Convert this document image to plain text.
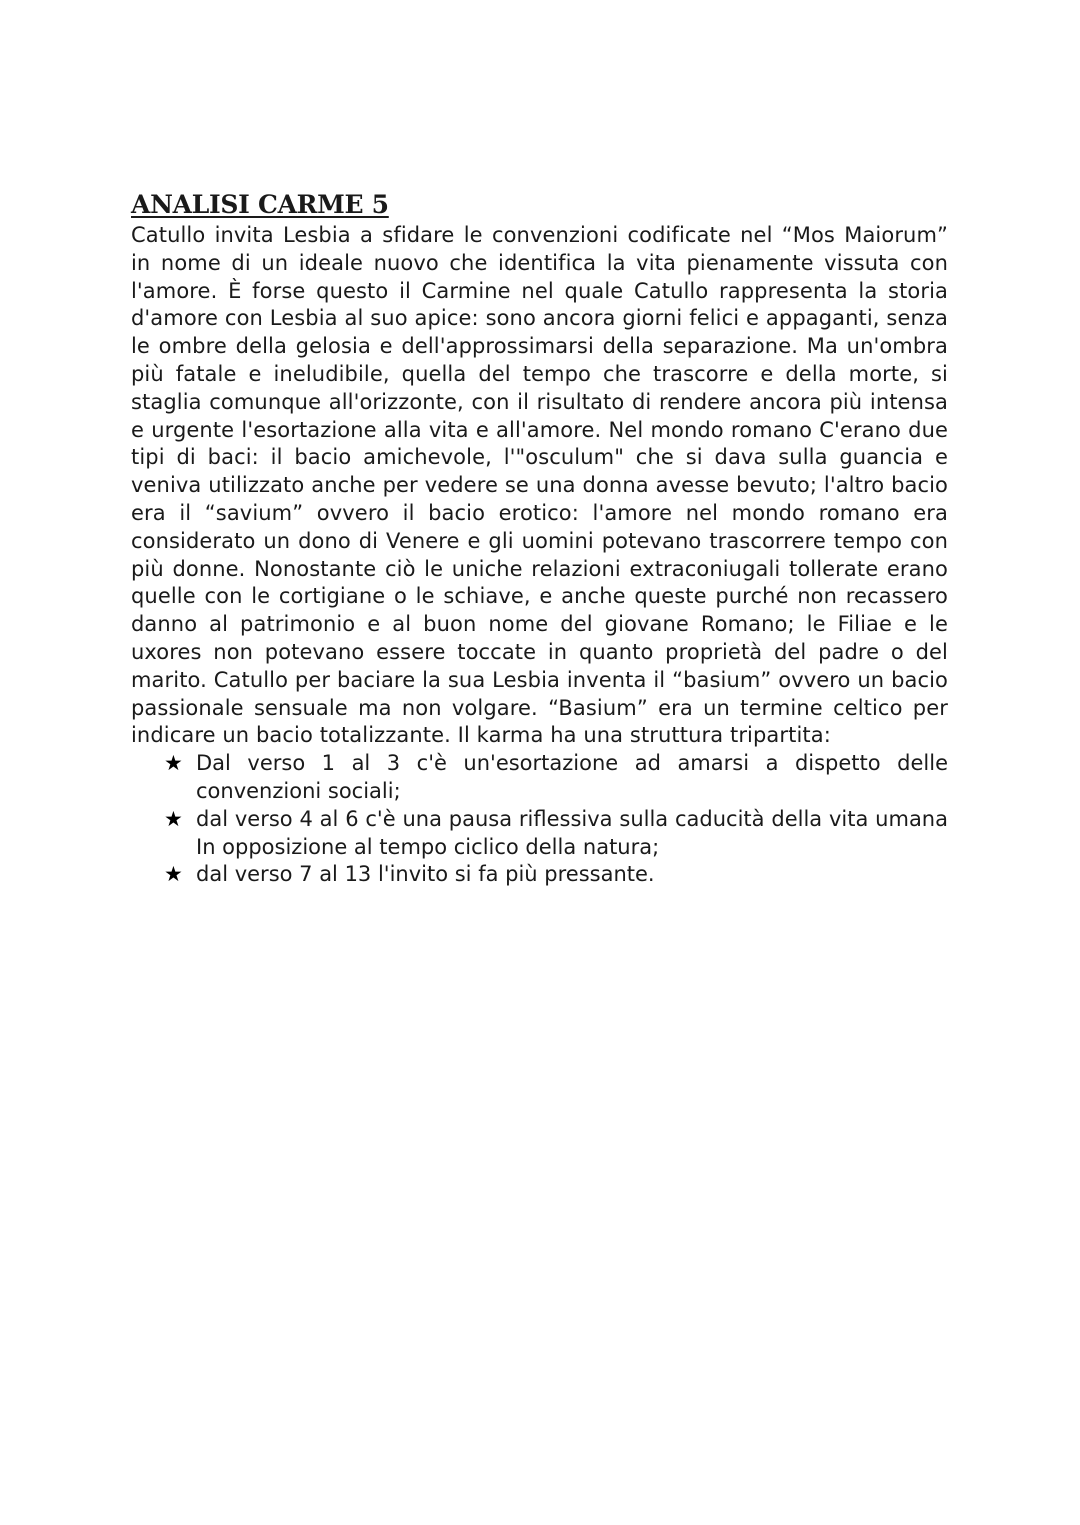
ANALISI CARME 5

Catullo invita Lesbia a sfidare le convenzioni codificate nel “Mos Maiorum” in nome di un ideale nuovo che identifica la vita pienamente vissuta con l'amore. È forse questo il Carmine nel quale Catullo rappresenta la storia d'amore con Lesbia al suo apice: sono ancora giorni felici e appaganti, senza le ombre della gelosia e dell'approssimarsi della separazione. Ma un'ombra più fatale e ineludibile, quella del tempo che trascorre e della morte, si staglia comunque all'orizzonte, con il risultato di rendere ancora più intensa e urgente l'esortazione alla vita e all'amore. Nel mondo romano C'erano due tipi di baci: il bacio amichevole, l'"osculum" che si dava sulla guancia e veniva utilizzato anche per vedere se una donna avesse bevuto; l'altro bacio era il “savium” ovvero il bacio erotico: l'amore nel mondo romano era considerato un dono di Venere e gli uomini potevano trascorrere tempo con più donne. Nonostante ciò le uniche relazioni extraconiugali tollerate erano quelle con le cortigiane o le schiave, e anche queste purché non recassero danno al patrimonio e al buon nome del giovane Romano; le Filiae e le uxores non potevano essere toccate in quanto proprietà del padre o del marito. Catullo per baciare la sua Lesbia inventa il “basium” ovvero un bacio passionale sensuale ma non volgare. “Basium” era un termine celtico per indicare un bacio totalizzante. Il karma ha una struttura tripartita:

★ Dal verso 1 al 3 c'è un'esortazione ad amarsi a dispetto delle convenzioni sociali;
★ dal verso 4 al 6 c'è una pausa riflessiva sulla caducità della vita umana In opposizione al tempo ciclico della natura;
★ dal verso 7 al 13 l'invito si fa più pressante.
